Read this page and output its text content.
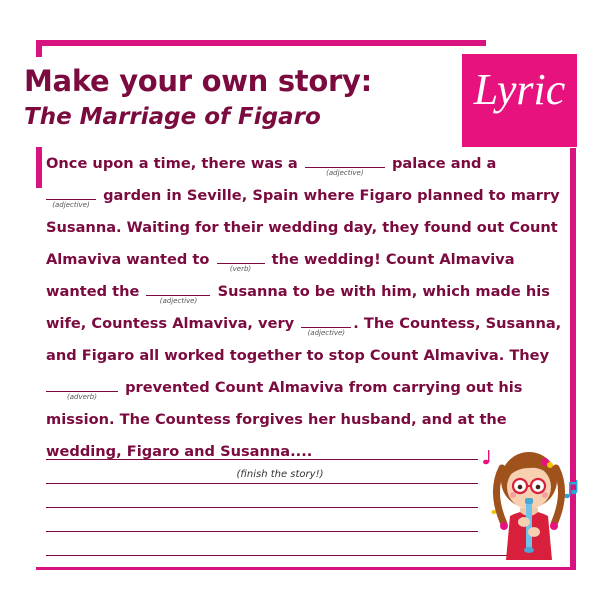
Make your own story:
The Marriage of Figaro
Lyric
Once upon a time, there was a
(adjective)
palace and a
(adjective)
garden in Seville, Spain where Figaro planned to marry
Susanna. Waiting for their wedding day, they found out Count
Almaviva wanted to
(verb)
the wedding! Count Almaviva
wanted the
(adjective)
Susanna to be with him, which made his
wife, Countess Almaviva, very
(adjective)
. The Countess, Susanna,
and Figaro all worked together to stop Count Almaviva. They
(adverb)
prevented Count Almaviva from carrying out his
mission. The Countess forgives her husband, and at the
wedding, Figaro and Susanna....
(finish the story!)
